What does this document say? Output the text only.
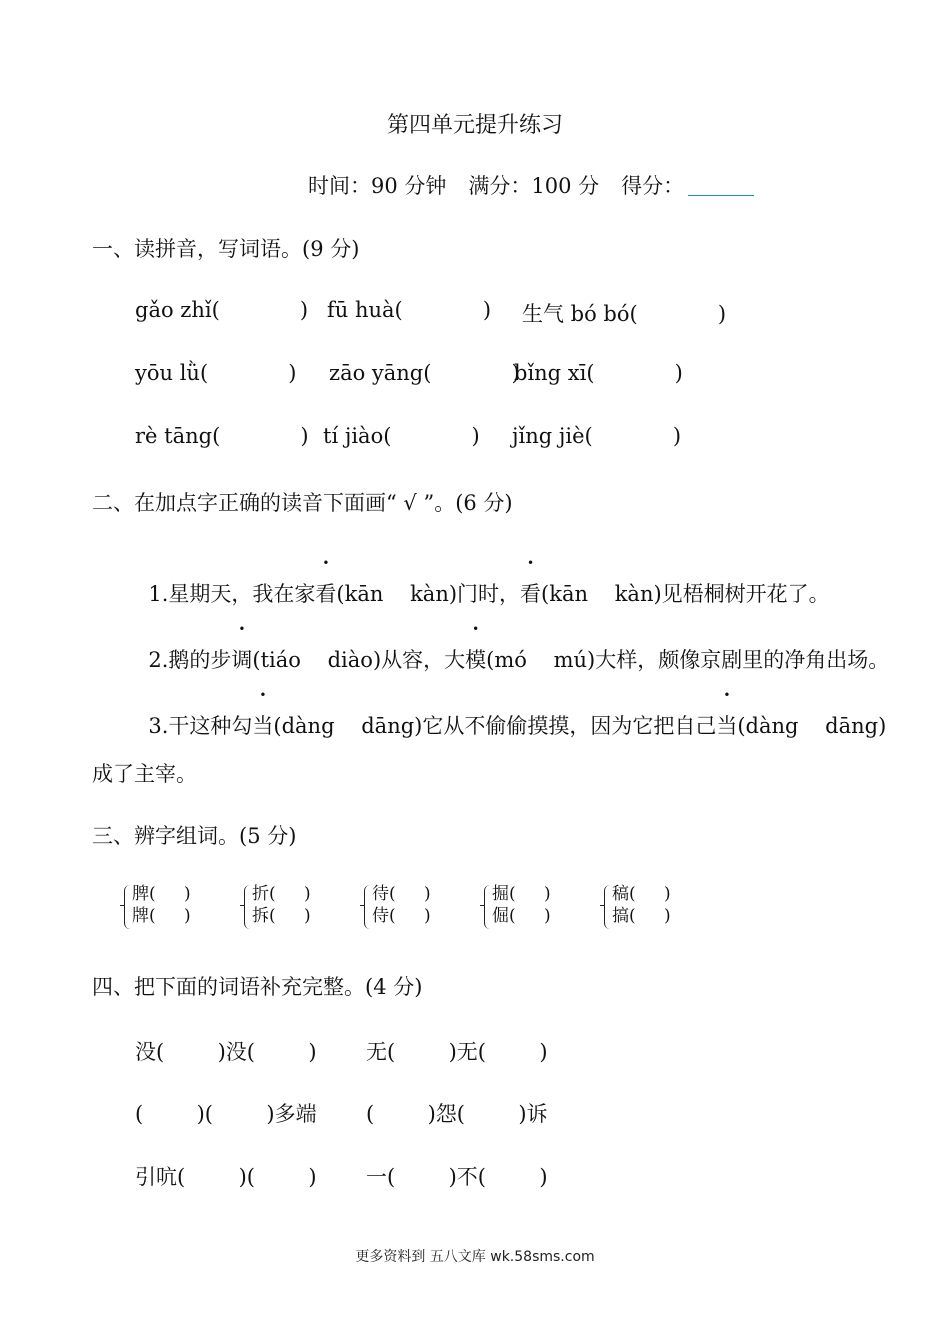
第四单元提升练习
时间：90 分钟 满分：100 分 得分：
一、读拼音，写词语。(9 分)
gǎo zhǐ(            ) fū huà(            ) 生气 bó bó(            )
yōu lǜ(            ) zāo yāng(            )
bǐng xī(            )
rè tāng(            ) tí jiào(            ) jǐng jiè(            )
二、在加点字正确的读音下面画“ √ ”。(6 分)

1.星期天，我在家看(kān    kàn)门时，看(kān    kàn)见梧桐树开花了。

2.鹅的步调(tiáo    diào)从容，大模(mó    mú)大样，颇像京剧里的净角出场。

3.干这种勾当(dàng    dāng)它从不偷偷摸摸，因为它把自己当(dàng    dāng)

成了主宰。
三、辨字组词。(5 分)
脾( )
牌( )
折( )
拆( )
待( )
侍( )
掘( )
倔( )
稿( )
搞( )
四、把下面的词语补充完整。(4 分)
没(        )没(        ) 无(        )无(        )
(        )(        )多端 (        )怨(        )诉
引吭(        )(        ) 一(        )不(        )
更多资料到 五八文库 wk.58sms.com
